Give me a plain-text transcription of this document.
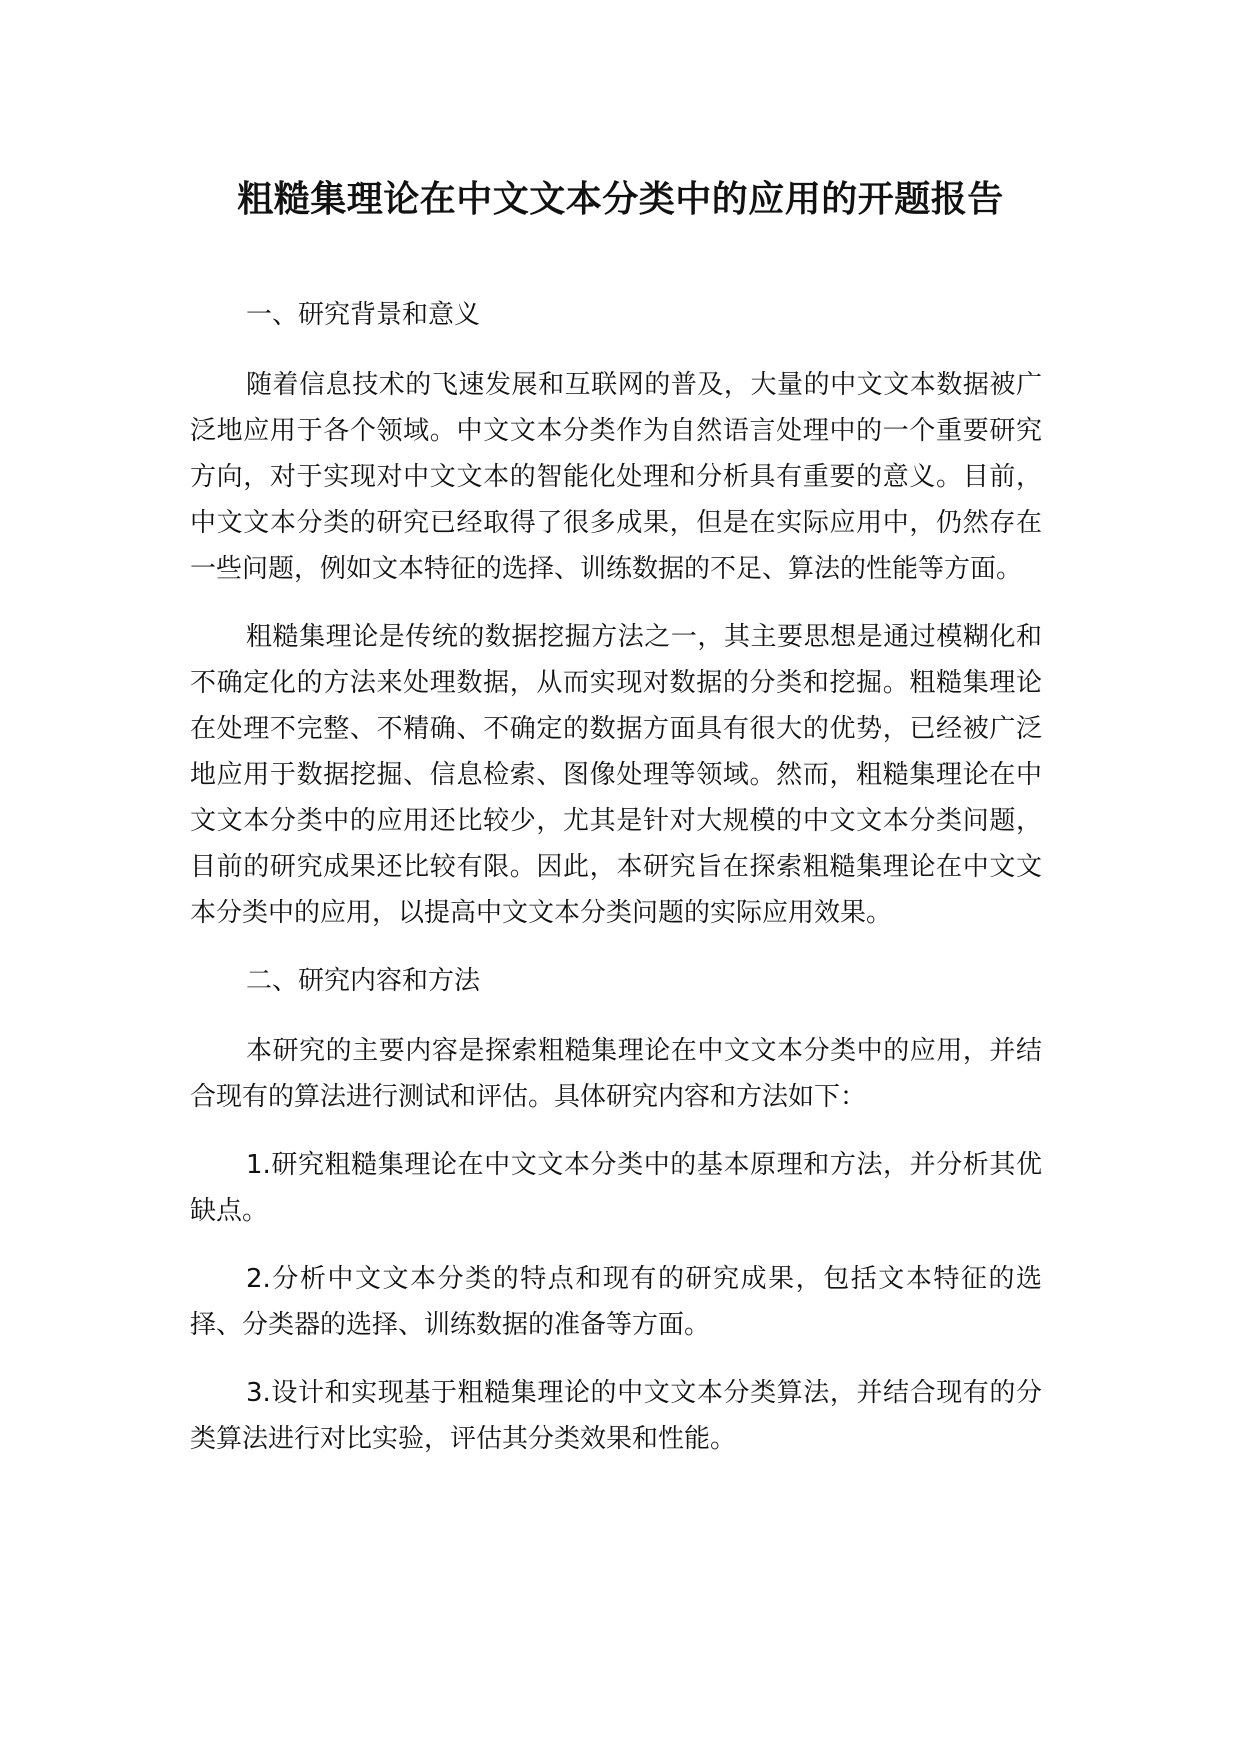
粗糙集理论在中文文本分类中的应用的开题报告
一、研究背景和意义

随着信息技术的飞速发展和互联网的普及，大量的中文文本数据被广泛地应用于各个领域。中文文本分类作为自然语言处理中的一个重要研究方向，对于实现对中文文本的智能化处理和分析具有重要的意义。目前，中文文本分类的研究已经取得了很多成果，但是在实际应用中，仍然存在一些问题，例如文本特征的选择、训练数据的不足、算法的性能等方面。

粗糙集理论是传统的数据挖掘方法之一，其主要思想是通过模糊化和不确定化的方法来处理数据，从而实现对数据的分类和挖掘。粗糙集理论在处理不完整、不精确、不确定的数据方面具有很大的优势，已经被广泛地应用于数据挖掘、信息检索、图像处理等领域。然而，粗糙集理论在中文文本分类中的应用还比较少，尤其是针对大规模的中文文本分类问题，目前的研究成果还比较有限。因此，本研究旨在探索粗糙集理论在中文文本分类中的应用，以提高中文文本分类问题的实际应用效果。

二、研究内容和方法

本研究的主要内容是探索粗糙集理论在中文文本分类中的应用，并结合现有的算法进行测试和评估。具体研究内容和方法如下：

1.研究粗糙集理论在中文文本分类中的基本原理和方法，并分析其优缺点。

2.分析中文文本分类的特点和现有的研究成果，包括文本特征的选择、分类器的选择、训练数据的准备等方面。

3.设计和实现基于粗糙集理论的中文文本分类算法，并结合现有的分类算法进行对比实验，评估其分类效果和性能。
